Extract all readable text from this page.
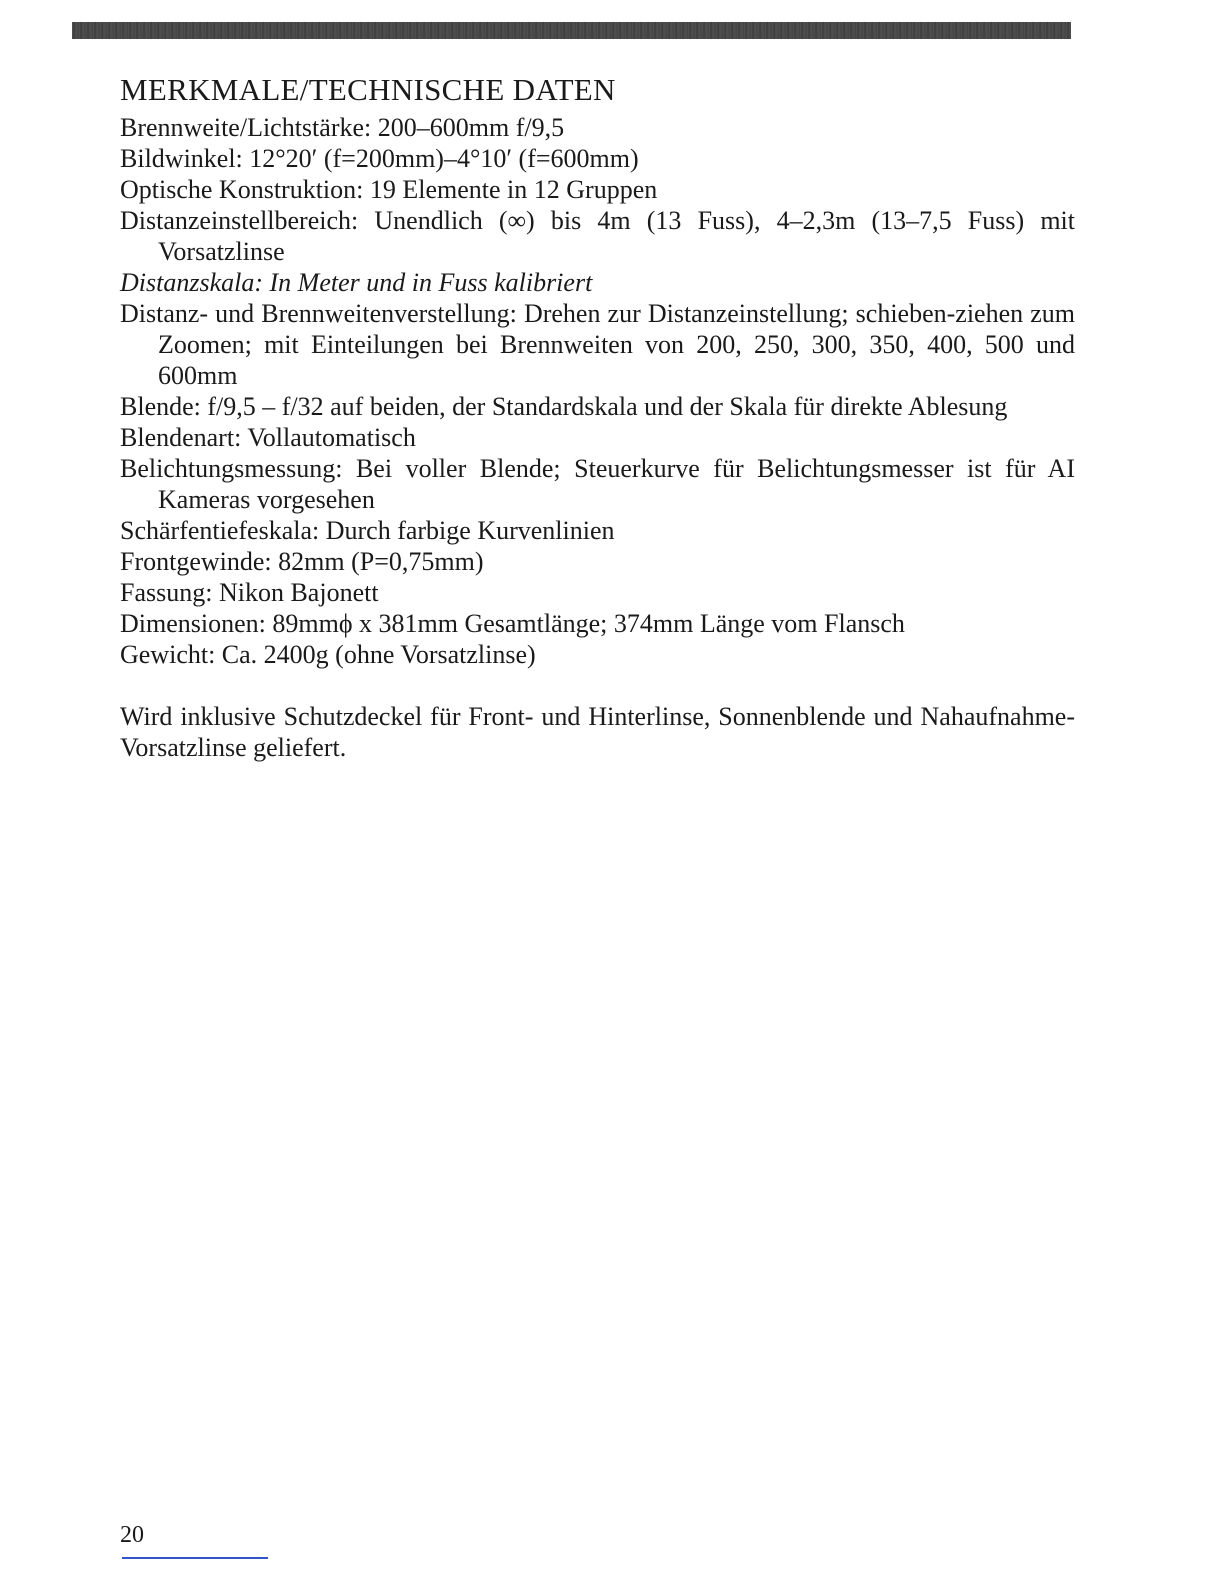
MERKMALE/TECHNISCHE DATEN
Brennweite/Lichtstärke: 200–600mm f/9,5
Bildwinkel: 12°20′ (f=200mm)–4°10′ (f=600mm)
Optische Konstruktion: 19 Elemente in 12 Gruppen
Distanzeinstellbereich: Unendlich (∞) bis 4m (13 Fuss), 4–2,3m (13–7,5 Fuss) mit Vorsatzlinse
Distanzskala: In Meter und in Fuss kalibriert
Distanz- und Brennweitenverstellung: Drehen zur Distanzeinstellung; schieben-ziehen zum Zoomen; mit Einteilungen bei Brennweiten von 200, 250, 300, 350, 400, 500 und 600mm
Blende: f/9,5 – f/32 auf beiden, der Standardskala und der Skala für direkte Ablesung
Blendenart: Vollautomatisch
Belichtungsmessung: Bei voller Blende; Steuerkurve für Belichtungsmesser ist für AI Kameras vorgesehen
Schärfentiefeskala: Durch farbige Kurvenlinien
Frontgewinde: 82mm (P=0,75mm)
Fassung: Nikon Bajonett
Dimensionen: 89mmϕ x 381mm Gesamtlänge; 374mm Länge vom Flansch
Gewicht: Ca. 2400g (ohne Vorsatzlinse)

Wird inklusive Schutzdeckel für Front- und Hinterlinse, Sonnenblende und Nahaufnahme-Vorsatzlinse geliefert.

20
